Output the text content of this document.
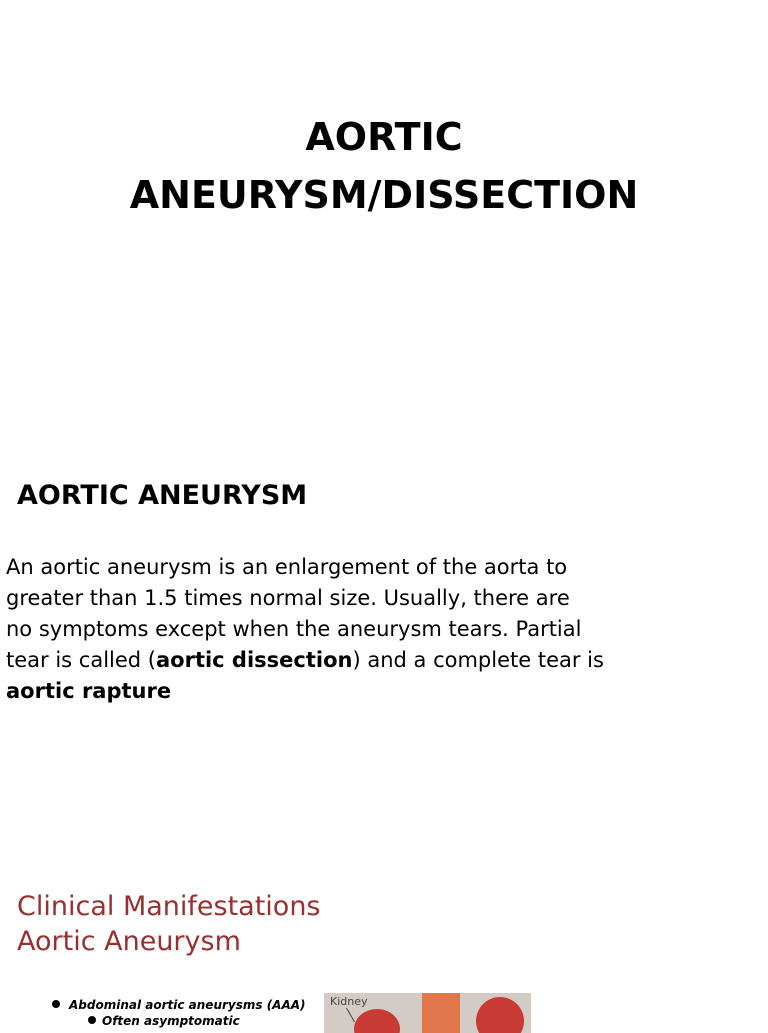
AORTIC
ANEURYSM/DISSECTION
AORTIC ANEURYSM
An aortic aneurysm is an enlargement of the aorta to
greater than 1.5 times normal size. Usually, there are
no symptoms except when the aneurysm tears. Partial
tear is called (aortic dissection) and a complete tear is
aortic rapture
Clinical Manifestations
Aortic Aneurysm
Abdominal aortic aneurysms (AAA)
Often asymptomatic
Kidney
